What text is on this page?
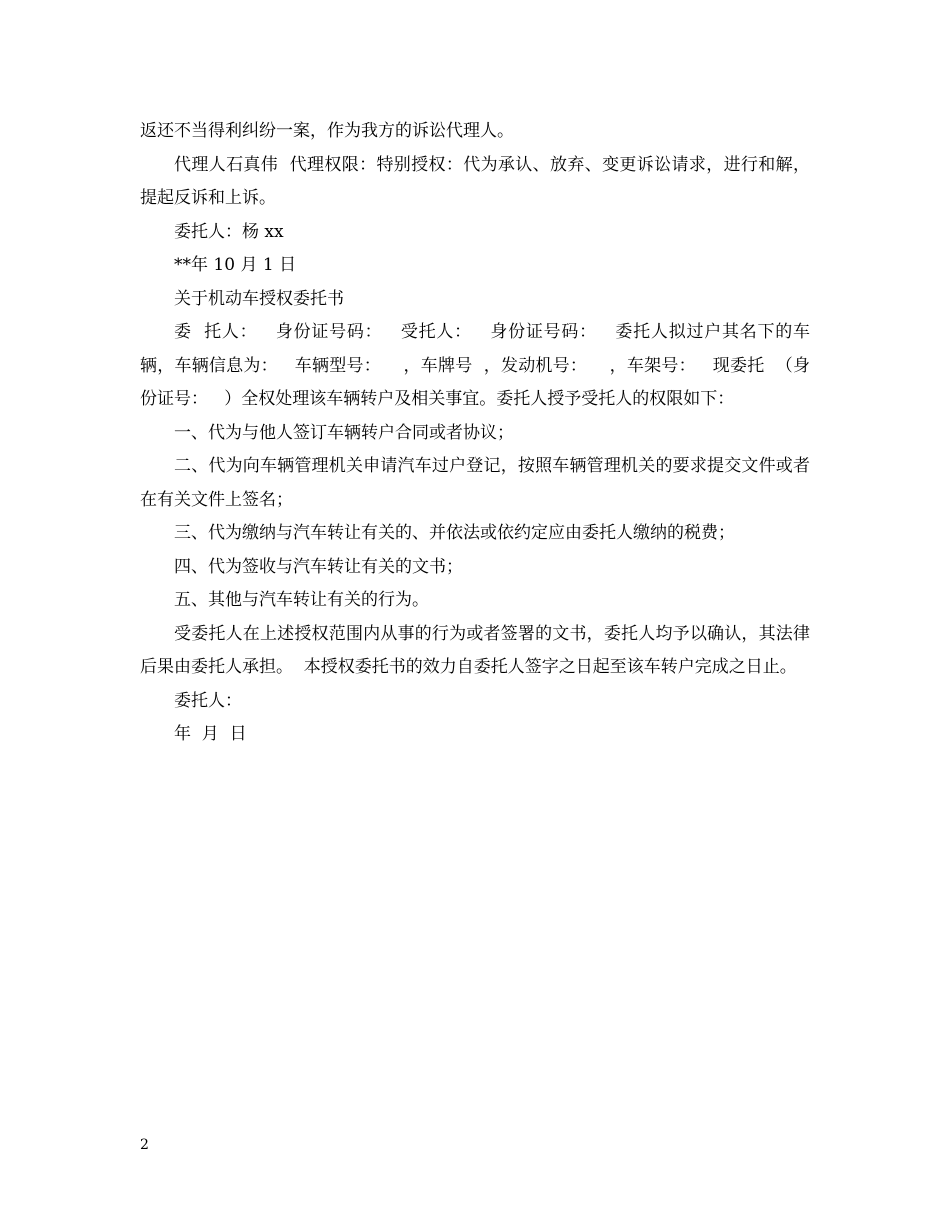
返还不当得利纠纷一案，作为我方的诉讼代理人。

代理人石真伟  代理权限：特别授权：代为承认、放弃、变更诉讼请求，进行和解，提起反诉和上诉。

委托人：杨 xx

**年 10 月 1 日

关于机动车授权委托书

委  托人：   身份证号码：   受托人：   身份证号码：   委托人拟过户其名下的车辆，车辆信息为：   车辆型号：    ，车牌号  ，发动机号：    ，车架号：   现委托  （身份证号：   ）全权处理该车辆转户及相关事宜。委托人授予受托人的权限如下：

一、代为与他人签订车辆转户合同或者协议；

二、代为向车辆管理机关申请汽车过户登记，按照车辆管理机关的要求提交文件或者在有关文件上签名；

三、代为缴纳与汽车转让有关的、并依法或依约定应由委托人缴纳的税费；

四、代为签收与汽车转让有关的文书；

五、其他与汽车转让有关的行为。

受委托人在上述授权范围内从事的行为或者签署的文书，委托人均予以确认，其法律后果由委托人承担。  本授权委托书的效力自委托人签字之日起至该车转户完成之日止。

委托人：

年  月  日

2
